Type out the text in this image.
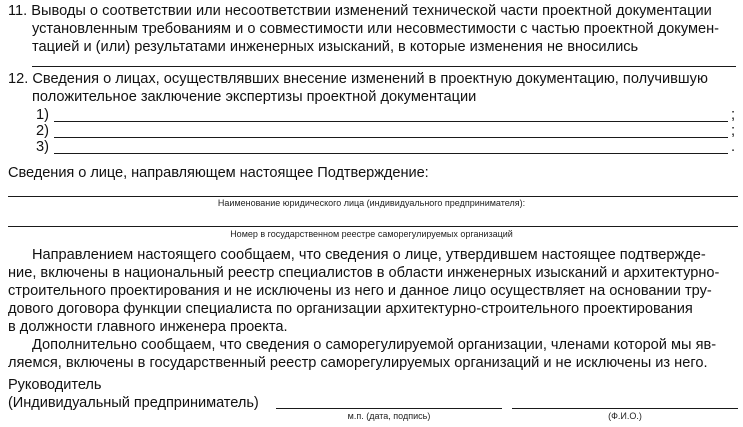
11. Выводы о соответствии или несоответствии изменений технической части проектной документации
установленным требованиям и о совместимости или несовместимости с частью проектной докумен-
тацией и (или) результатами инженерных изысканий, в которые изменения не вносились
12. Сведения о лицах, осуществлявших внесение изменений в проектную документацию, получившую
положительное заключение экспертизы проектной документации
1)	;
2)	;
3)	.
Сведения о лице, направляющем настоящее Подтверждение:
Наименование юридического лица (индивидуального предпринимателя):
Номер в государственном реестре саморегулируемых организаций
Направлением настоящего сообщаем, что сведения о лице, утвердившем настоящее подтвержде-
ние, включены в национальный реестр специалистов в области инженерных изысканий и архитектурно-
строительного проектирования и не исключены из него и данное лицо осуществляет на основании тру-
дового договора функции специалиста по организации архитектурно-строительного проектирования
в должности главного инженера проекта.
Дополнительно сообщаем, что сведения о саморегулируемой организации, членами которой мы яв-
ляемся, включены в государственный реестр саморегулируемых организаций и не исключены из него.
Руководитель
(Индивидуальный предприниматель)
м.п. (дата, подпись)	(Ф.И.О.)
